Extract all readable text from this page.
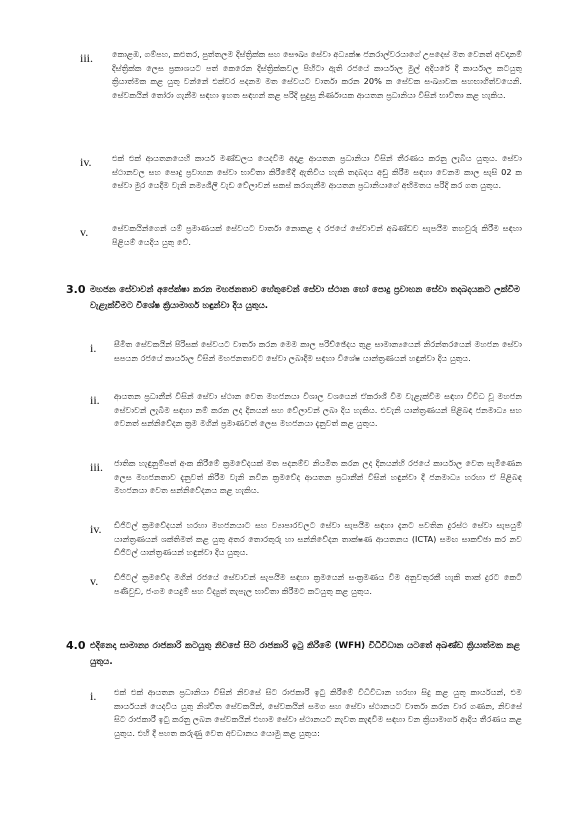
iii. කොළඹ, ගම්පහ, කළුතර, පුත්තලම දිස්ත්‍රික්ක සහ සෞඛ්‍ය සේවා අධ්‍යක්ෂ ජනරාල්වරයාගේ උපදෙස් මත වෙනත් අවදානම් දිස්ත්‍රික්ක ලෙස ප්‍රකාශයට පත් කෙරෙන දිස්ත්‍රික්කවල පිහිටා ඇති රජයේ කාර්යාල මුල් අදියරේ දී කාර්යාල කටයුතු ක්‍රියාත්මක කළ යුතු වන්නේ එක්වර පදනම මත සේවයට වාර්තා කරන 20% ක සේවක සංඛ්‍යාවක සහභාගිත්වයෙනි. සේවකයින් තෝරා ගැනීම සඳහා ඉහත සඳහන් කළ පරිදි සුදුසු නිර්ණායක ආයතන ප්‍රධානියා විසින් භාවිතා කළ හැකිය.
iv. එක් එක් ආයතනයෙහි කාර්ය මණ්ඩලය යෙදවීම අදාළ ආයතන ප්‍රධානියා විසින් තීරණය කරනු ලැබිය යුතුය. සේවා ස්ථානවල සහ පොදු ප්‍රවාහන සේවා භාවිතා කිරීමේදී ඇතිවිය හැකි තදබදය අඩු කිරීම සඳහා වෙනම කාල සැසි 02 ක සේවා මුර යෙදීම වැනි නම්‍යශීලී වැඩ වේලාවන් සකස් කරගැනීම ආයතන ප්‍රධානියාගේ අභිමතය පරිදි කර ගත යුතුය.
v.	සේවකයින්ගෙන් යම් ප්‍රමාණයක් සේවයට වාර්තා නොකළ ද රජයේ සේවාවන් අඛණ්ඩව සැපයීම තහවුරු කිරීම සඳහා පිළියම් යෙදිය යුතු වේ.
3.0 මහජන සේවාවන් අපේක්ෂා කරන මහජනතාව හේතුවෙන් සේවා ස්ථාන හෝ පොදු ප්‍රවාහන සේවා තදබදයකට ලක්වීම වැළැක්වීමට විශේෂ ක්‍රියාමාර්ග හඳුන්වා දිය යුතුය.
i. සීමිත සේවකයින් පිරිසක් සේවයට වාර්තා කරන මෙම කාල පරිච්ඡේදය තුළ සාමාන්‍යයෙන් නිරන්තරයෙන් මහජන සේවා සපයන රජයේ කාර්යාල විසින් මහජනතාවට සේවා ලබාදීම සඳහා විශේෂ යාන්ත්‍රණයන් හඳුන්වා දිය යුතුය.
ii. ආයතන ප්‍රධානීන් විසින් සේවා ස්ථාන වෙත මහජනයා විශාල වශයෙන් ඒකරාශී වීම වැළැක්වීම සඳහා විවිධ වූ මහජන සේවාවන් ලැබීම සඳහා නම් කරන ලද දිනයන් සහ වේලාවන් ලබා දිය හැකිය. එවැනි යාන්ත්‍රණයන් පිළිබඳ ජනමාධ්‍ය සහ වෙනත් සන්නිවේදන ක්‍රම මගින් ප්‍රමාණවත් ලෙස මහජනයා දැනුවත් කළ යුතුය.
iii. ජාතික හැඳුනුම්පත් අංක කිරීමේ ක්‍රමවේදයක් මත පදනම්ව නියමිත කරන ලද දිනයන්හි රජයේ කාර්යාල වෙත පැමිණෙන ලෙස මහජනතාව දැනුවත් කිරීම වැනි නවීන ක්‍රමවේද ආයතන ප්‍රධානීන් විසින් හඳුන්වා දී ජනමාධ්‍ය හරහා ඒ පිළිබඳ මහජනයා වෙත සන්නිවේදනය කළ හැකිය.
iv. ඩිජිටල් ක්‍රමවේදයන් හරහා මහජනයාට සහ ව්‍යාපාරවලට සේවා සැපයීම සඳහා දැනට පවතින දුරස්ථ සේවා සැපයුම් යාන්ත්‍රණයන් ශක්තිමත් කළ යුතු අතර තොරතුරු හා සන්නිවේදන තාක්ෂණ ආයතනය (ICTA) සමඟ සාකච්ඡා කර නව ඩිජිටල් යාන්ත්‍රණයන් හඳුන්වා දිය යුතුය.
v. ඩිජිටල් ක්‍රමවේද මගින් රජයේ සේවාවන් සැපයීම සඳහා ක්‍රමයෙන් සංක්‍රමණය වීම අනුවතුරකී හැකි තාක් දුරට කෙටි පණිවුඩ, ජංගම යෙදුම් සහ විද්‍යුත් තැපැල භාවිතා කිරීමට කටයුතු කළ යුතුය.
4.0 එදිනෙදා සාමාන්‍ය රාජකාරි කටයුතු නිවසේ සිට රාජකාරි ඉටු කිරීමේ (WFH) විධිවිධාන යටතේ අඛණ්ඩ ක්‍රියාත්මක කළ යුතුය.
i. එක් එක් ආයතන ප්‍රධානියා විසින් නිවසේ සිට රාජකාරි ඉටු කිරීමේ විධිවිධාන හරහා සිදු කළ යුතු කාර්යයන්, එම කාර්යයන් යෙදවිය යුතු නිශ්චිත සේවකයින්, සේවකයින් සමග සහ සේවා ස්ථානයට වාර්තා කරන වාර ගණන, නිවසේ සිට රාජකාරී ඉටු කරනු ලබන සේවකයින් එහාම සේවා ස්ථානයට නැවත කැඳවීම සඳහා වන ක්‍රියාමාර්ග ආදිය තීරණය කළ යුතුය. එහි දී පහත කරුණු වෙත අවධානය යොමු කළ යුතුය:
